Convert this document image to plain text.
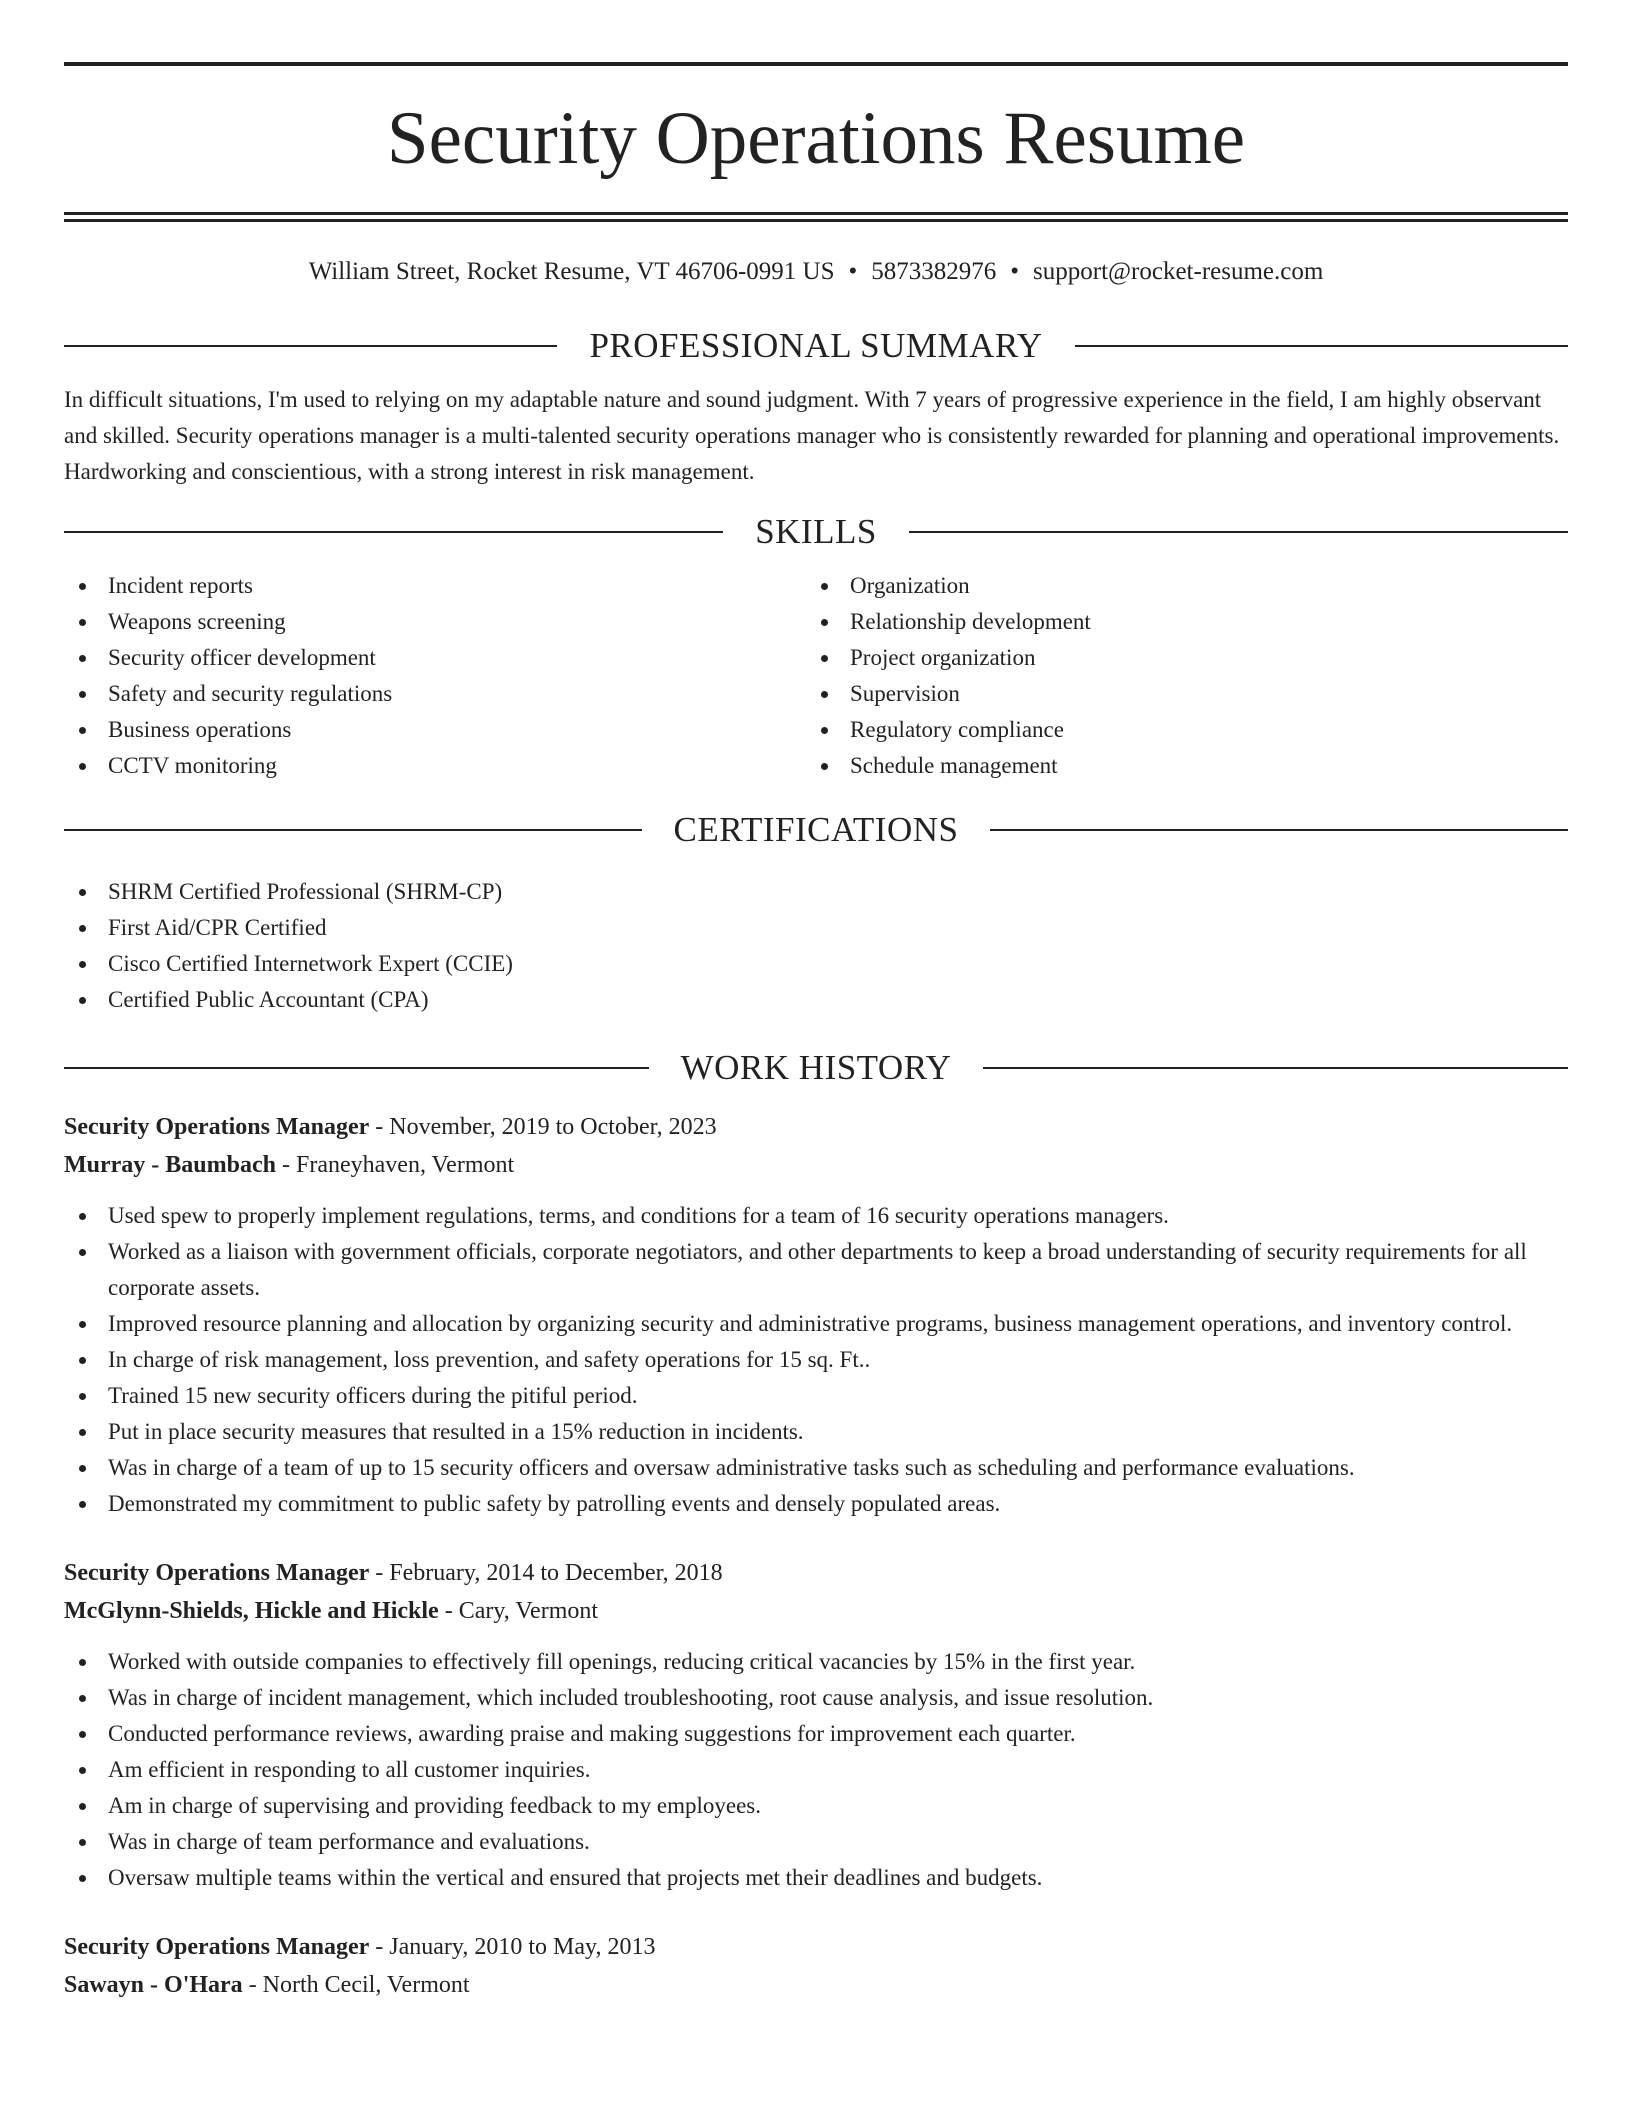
Security Operations Resume
William Street, Rocket Resume, VT 46706-0991 US • 5873382976 • support@rocket-resume.com
PROFESSIONAL SUMMARY
In difficult situations, I'm used to relying on my adaptable nature and sound judgment. With 7 years of progressive experience in the field, I am highly observant and skilled. Security operations manager is a multi-talented security operations manager who is consistently rewarded for planning and operational improvements. Hardworking and conscientious, with a strong interest in risk management.
SKILLS
Incident reports
Weapons screening
Security officer development
Safety and security regulations
Business operations
CCTV monitoring
Organization
Relationship development
Project organization
Supervision
Regulatory compliance
Schedule management
CERTIFICATIONS
SHRM Certified Professional (SHRM-CP)
First Aid/CPR Certified
Cisco Certified Internetwork Expert (CCIE)
Certified Public Accountant (CPA)
WORK HISTORY
Security Operations Manager - November, 2019 to October, 2023
Murray - Baumbach - Franeyhaven, Vermont
Used spew to properly implement regulations, terms, and conditions for a team of 16 security operations managers.
Worked as a liaison with government officials, corporate negotiators, and other departments to keep a broad understanding of security requirements for all corporate assets.
Improved resource planning and allocation by organizing security and administrative programs, business management operations, and inventory control.
In charge of risk management, loss prevention, and safety operations for 15 sq. Ft..
Trained 15 new security officers during the pitiful period.
Put in place security measures that resulted in a 15% reduction in incidents.
Was in charge of a team of up to 15 security officers and oversaw administrative tasks such as scheduling and performance evaluations.
Demonstrated my commitment to public safety by patrolling events and densely populated areas.
Security Operations Manager - February, 2014 to December, 2018
McGlynn-Shields, Hickle and Hickle - Cary, Vermont
Worked with outside companies to effectively fill openings, reducing critical vacancies by 15% in the first year.
Was in charge of incident management, which included troubleshooting, root cause analysis, and issue resolution.
Conducted performance reviews, awarding praise and making suggestions for improvement each quarter.
Am efficient in responding to all customer inquiries.
Am in charge of supervising and providing feedback to my employees.
Was in charge of team performance and evaluations.
Oversaw multiple teams within the vertical and ensured that projects met their deadlines and budgets.
Security Operations Manager - January, 2010 to May, 2013
Sawayn - O'Hara - North Cecil, Vermont
